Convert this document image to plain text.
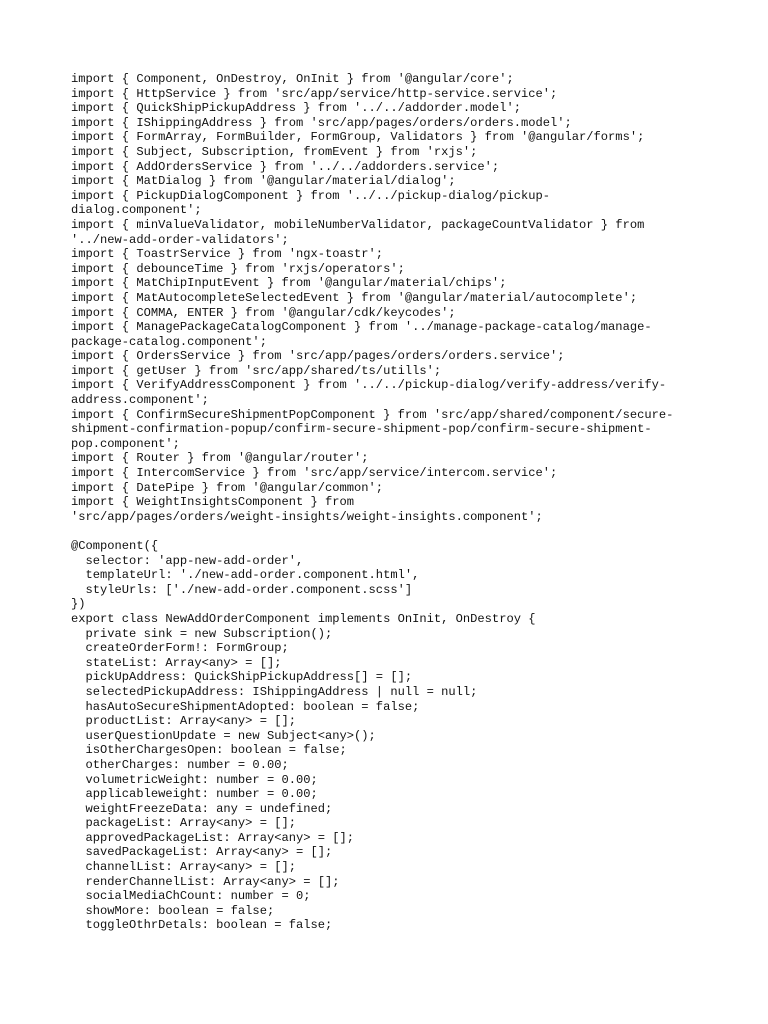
import { Component, OnDestroy, OnInit } from '@angular/core';
import { HttpService } from 'src/app/service/http-service.service';
import { QuickShipPickupAddress } from '../../addorder.model';
import { IShippingAddress } from 'src/app/pages/orders/orders.model';
import { FormArray, FormBuilder, FormGroup, Validators } from '@angular/forms';
import { Subject, Subscription, fromEvent } from 'rxjs';
import { AddOrdersService } from '../../addorders.service';
import { MatDialog } from '@angular/material/dialog';
import { PickupDialogComponent } from '../../pickup-dialog/pickup-
dialog.component';
import { minValueValidator, mobileNumberValidator, packageCountValidator } from
'../new-add-order-validators';
import { ToastrService } from 'ngx-toastr';
import { debounceTime } from 'rxjs/operators';
import { MatChipInputEvent } from '@angular/material/chips';
import { MatAutocompleteSelectedEvent } from '@angular/material/autocomplete';
import { COMMA, ENTER } from '@angular/cdk/keycodes';
import { ManagePackageCatalogComponent } from '../manage-package-catalog/manage-
package-catalog.component';
import { OrdersService } from 'src/app/pages/orders/orders.service';
import { getUser } from 'src/app/shared/ts/utills';
import { VerifyAddressComponent } from '../../pickup-dialog/verify-address/verify-
address.component';
import { ConfirmSecureShipmentPopComponent } from 'src/app/shared/component/secure-
shipment-confirmation-popup/confirm-secure-shipment-pop/confirm-secure-shipment-
pop.component';
import { Router } from '@angular/router';
import { IntercomService } from 'src/app/service/intercom.service';
import { DatePipe } from '@angular/common';
import { WeightInsightsComponent } from
'src/app/pages/orders/weight-insights/weight-insights.component';
@Component({
selector: 'app-new-add-order',
templateUrl: './new-add-order.component.html',
styleUrls: ['./new-add-order.component.scss']
})
export class NewAddOrderComponent implements OnInit, OnDestroy {
private sink = new Subscription();
createOrderForm!: FormGroup;
stateList: Array<any> = [];
pickUpAddress: QuickShipPickupAddress[] = [];
selectedPickupAddress: IShippingAddress | null = null;
hasAutoSecureShipmentAdopted: boolean = false;
productList: Array<any> = [];
userQuestionUpdate = new Subject<any>();
isOtherChargesOpen: boolean = false;
otherCharges: number = 0.00;
volumetricWeight: number = 0.00;
applicableweight: number = 0.00;
weightFreezeData: any = undefined;
packageList: Array<any> = [];
approvedPackageList: Array<any> = [];
savedPackageList: Array<any> = [];
channelList: Array<any> = [];
renderChannelList: Array<any> = [];
socialMediaChCount: number = 0;
showMore: boolean = false;
toggleOthrDetals: boolean = false;
